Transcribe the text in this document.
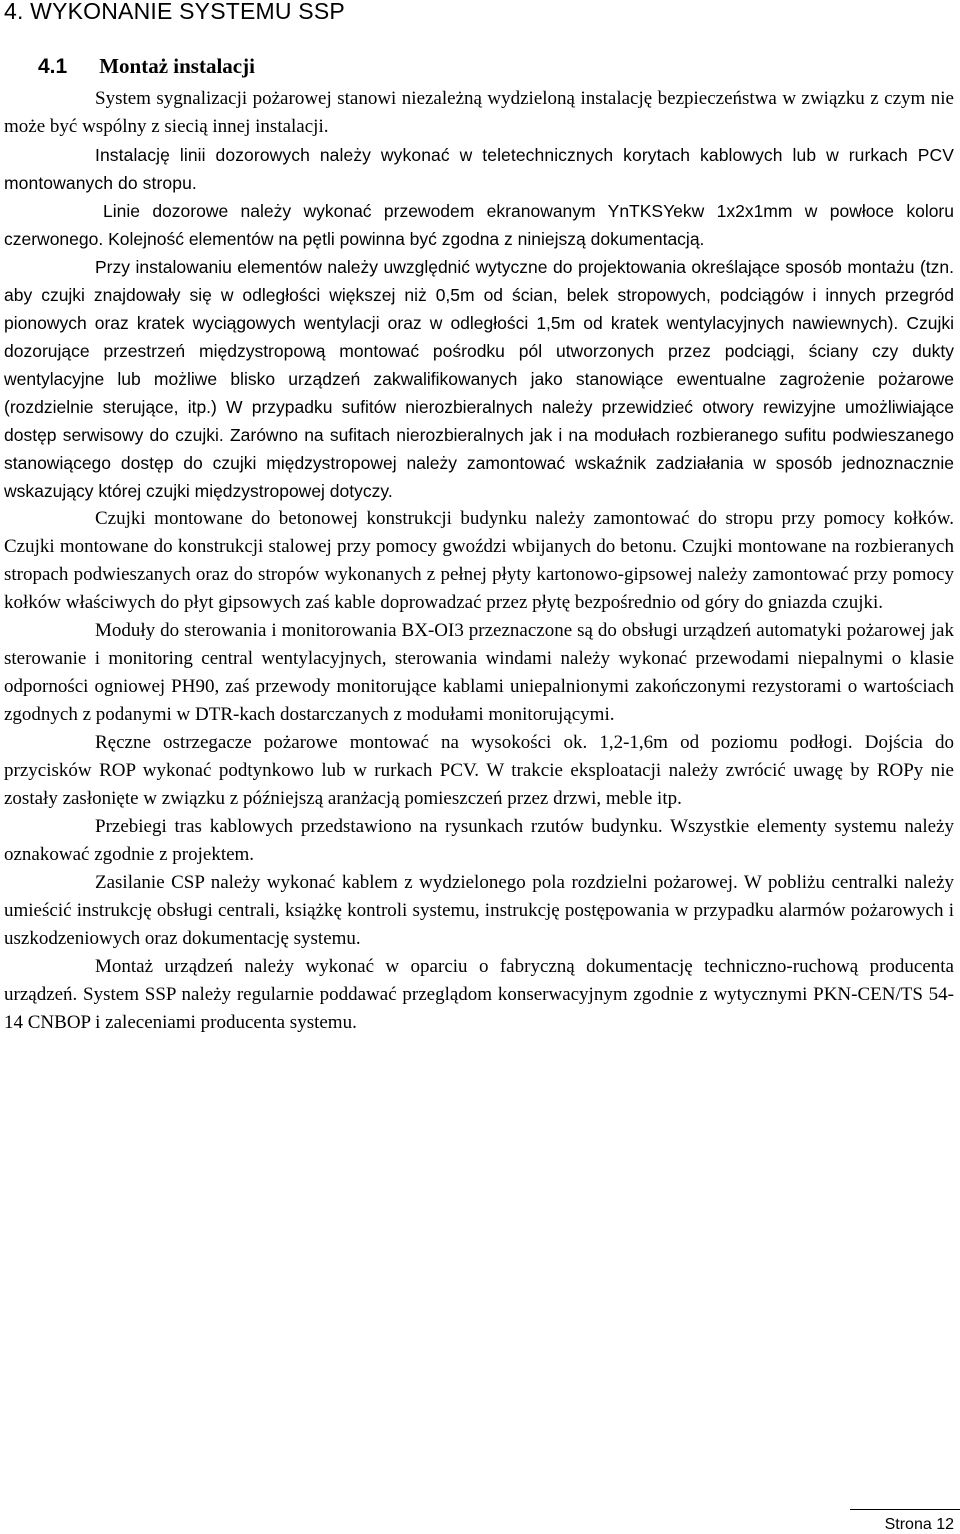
4. WYKONANIE SYSTEMU SSP
4.1 Montaż instalacji

System sygnalizacji pożarowej stanowi niezależną wydzieloną instalację bezpieczeństwa w związku z czym nie może być wspólny z siecią innej instalacji.

Instalację linii dozorowych należy wykonać w teletechnicznych korytach kablowych lub w rurkach PCV montowanych do stropu.

Linie dozorowe należy wykonać przewodem ekranowanym YnTKSYekw 1x2x1mm w powłoce koloru czerwonego. Kolejność elementów na pętli powinna być zgodna z niniejszą dokumentacją.

Przy instalowaniu elementów należy uwzględnić wytyczne do projektowania określające sposób montażu (tzn. aby czujki znajdowały się w odległości większej niż 0,5m od ścian, belek stropowych, podciągów i innych przegród pionowych oraz kratek wyciągowych wentylacji oraz w odległości 1,5m od kratek wentylacyjnych nawiewnych). Czujki dozorujące przestrzeń międzystropową montować pośrodku pól utworzonych przez podciągi, ściany czy dukty wentylacyjne lub możliwe blisko urządzeń zakwalifikowanych jako stanowiące ewentualne zagrożenie pożarowe (rozdzielnie sterujące, itp.) W przypadku sufitów nierozbieralnych należy przewidzieć otwory rewizyjne umożliwiające dostęp serwisowy do czujki. Zarówno na sufitach nierozbieralnych jak i na modułach rozbieranego sufitu podwieszanego stanowiącego dostęp do czujki międzystropowej należy zamontować wskaźnik zadziałania w sposób jednoznacznie wskazujący której czujki międzystropowej dotyczy.

Czujki montowane do betonowej konstrukcji budynku należy zamontować do stropu przy pomocy kołków. Czujki montowane do konstrukcji stalowej przy pomocy gwoździ wbijanych do betonu. Czujki montowane na rozbieranych stropach podwieszanych oraz do stropów wykonanych z pełnej płyty kartonowo-gipsowej należy zamontować przy pomocy kołków właściwych do płyt gipsowych zaś kable doprowadzać przez płytę bezpośrednio od góry do gniazda czujki.

Moduły do sterowania i monitorowania BX-OI3 przeznaczone są do obsługi urządzeń automatyki pożarowej jak sterowanie i monitoring central wentylacyjnych, sterowania windami należy wykonać przewodami niepalnymi o klasie odporności ogniowej PH90, zaś przewody monitorujące kablami uniepalnionymi zakończonymi rezystorami o wartościach zgodnych z podanymi w DTR-kach dostarczanych z modułami monitorującymi.

Ręczne ostrzegacze pożarowe montować na wysokości ok. 1,2-1,6m od poziomu podłogi. Dojścia do przycisków ROP wykonać podtynkowo lub w rurkach PCV. W trakcie eksploatacji należy zwrócić uwagę by ROPy nie zostały zasłonięte w związku z późniejszą aranżacją pomieszczeń przez drzwi, meble itp.

Przebiegi tras kablowych przedstawiono na rysunkach rzutów budynku. Wszystkie elementy systemu należy oznakować zgodnie z projektem.

Zasilanie CSP należy wykonać kablem z wydzielonego pola rozdzielni pożarowej. W pobliżu centralki należy umieścić instrukcję obsługi centrali, książkę kontroli systemu, instrukcję postępowania w przypadku alarmów pożarowych i uszkodzeniowych oraz dokumentację systemu.

Montaż urządzeń należy wykonać w oparciu o fabryczną dokumentację techniczno-ruchową producenta urządzeń. System SSP należy regularnie poddawać przeglądom konserwacyjnym zgodnie z wytycznymi PKN-CEN/TS 54-14 CNBOP i zaleceniami producenta systemu.

Strona 12
